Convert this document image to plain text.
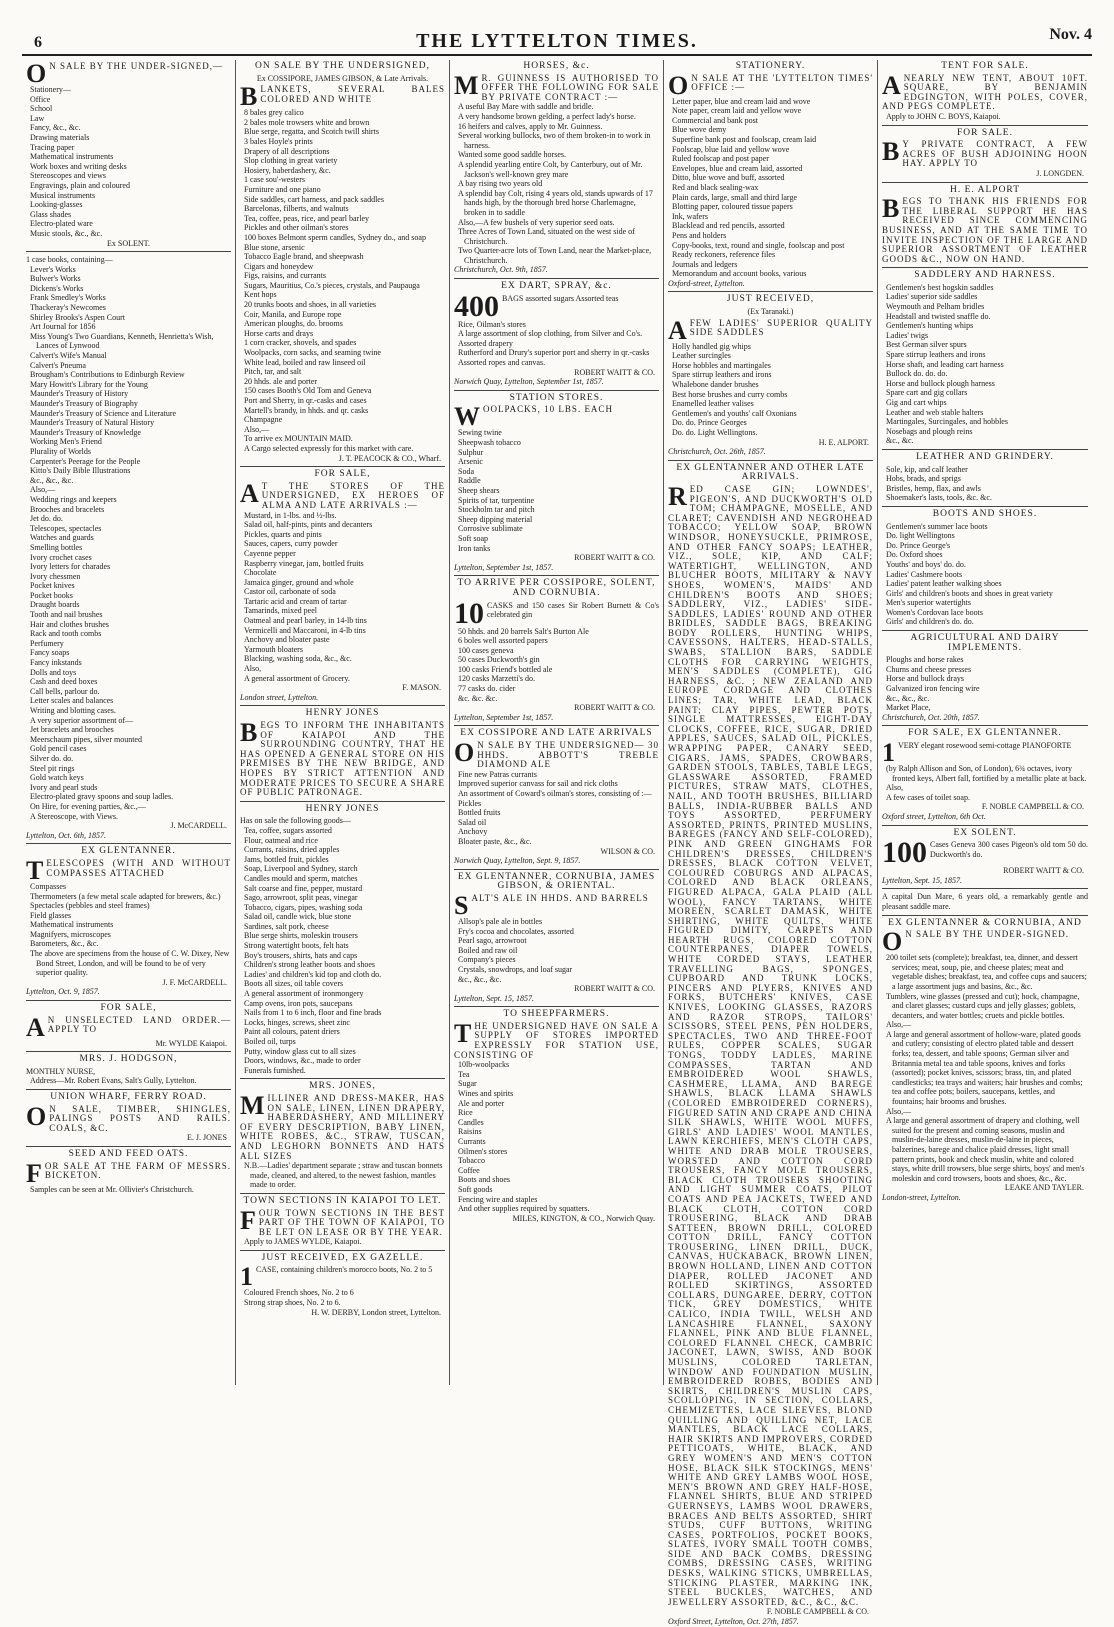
6	THE LYTTELTON TIMES.	Nov. 4
O N SALE BY THE UNDER-SIGNED,—
Stationery—
Office
School
Law
Fancy, &c., &c.
Drawing materials
Tracing paper
Mathematical instruments
Work boxes and writing desks
Stereoscopes and views
Engravings, plain and coloured
Musical instruments
Looking-glasses
Glass shades
Electro-plated ware
Music stools, &c., &c.
Ex SOLENT.
1 case books, containing—
Lever's Works
Bulwer's Works
Dickens's Works
Frank Smedley's Works
Thackeray's Newcomes
Shirley Brooks's Aspen Court
Art Journal for 1856
Miss Young's Two Guardians, Kenneth, Henrietta's Wish, Lances of Lynwood
Calvert's Wife's Manual
Calvert's Pneuma
Brougham's Contributions to Edinburgh Review
Mary Howitt's Library for the Young
Maunder's Treasury of History
Maunder's Treasury of Biography
Maunder's Treasury of Science and Literature
Maunder's Treasury of Natural History
Maunder's Treasury of Knowledge
Working Men's Friend
Plurality of Worlds
Carpenter's Peerage for the People
Kitto's Daily Bible Illustrations
&c., &c., &c.
Also,—
Wedding rings and keepers
Brooches and bracelets
Jet do. do.
Telescopes, spectacles
Watches and guards
Smelling bottles
Ivory crochet cases
Ivory letters for charades
Ivory chessmen
Pocket knives
Pocket books
Draught boards
Tooth and nail brushes
Hair and clothes brushes
Rack and tooth combs
Perfumery
Fancy soaps
Fancy inkstands
Dolls and toys
Cash and deed boxes
Call bells, parlour do.
Letter scales and balances
Writing and blotting cases.
A very superior assortment of—
Jet bracelets and brooches
Meerschaum pipes, silver mounted
Gold pencil cases
Silver do. do.
Steel pit rings
Gold watch keys
Ivory and pearl studs
Electro-plated gravy spoons and soup ladles.
On Hire, for evening parties, &c.,—
A Stereoscope, with Views.
J. McCARDELL.
Lyttelton, Oct. 6th, 1857.
EX GLENTANNER.
TELESCOPES (WITH AND WITHOUT COMPASSES ATTACHED
Compasses
Thermometers (a few metal scale adapted for brewers, &c.)
Spectacles (pebbles and steel frames)
Field glasses
Mathematical instruments
Magnifyers, microscopes
Barometers, &c., &c.
The above are specimens from the house of C. W. Dixey, New Bond Street, London, and will be found to be of very superior quality.
J. F. McCARDELL.
Lyttelton, Oct. 9, 1857.
FOR SALE,
A N UNSELECTED LAND ORDER.— APPLY TO
Mr. WYLDE Kaiapoi.
MRS. J. HODGSON,
MONTHLY NURSE,
Address—Mr. Robert Evans, Salt's Gully, Lyttelton.
UNION WHARF, FERRY ROAD.
O N SALE, TIMBER, SHINGLES, PALINGS POSTS AND RAILS. COALS, &C.
E. J. JONES
SEED AND FEED OATS.
FOR SALE AT THE FARM OF MESSRS. BICKETON.
Samples can be seen at Mr. Ollivier's Christchurch.
ON SALE BY THE UNDERSIGNED,
Ex COSSIPORE, JAMES GIBSON, & Late Arrivals.
BLANKETS, SEVERAL BALES COLORED AND WHITE
8 bales grey calico
2 bales mole trowsers white and brown
Blue serge, regatta, and Scotch twill shirts
3 bales Hoyle's prints
Drapery of all descriptions
Slop clothing in great variety
Hosiery, haberdashery, &c.
1 case sou'-westers
Furniture and one piano
Side saddles, cart harness, and pack saddles
Barcelonas, filberts, and walnuts
Tea, coffee, peas, rice, and pearl barley
Pickles and other oilman's stores
100 boxes Belmont sperm candles, Sydney do., and soap
Blue stone, arsenic
Tobacco Eagle brand, and sheepwash
Cigars and honeydew
Figs, raisins, and currants
Sugars, Mauritius, Co.'s pieces, crystals, and Paupauga
Kent hops
20 trunks boots and shoes, in all varieties
Coir, Manila, and Europe rope
American ploughs, do. brooms
Horse carts and drays
1 corn cracker, shovels, and spades
Woolpacks, corn sacks, and seaming twine
White lead, boiled and raw linseed oil
Pitch, tar, and salt
20 hhds. ale and porter
150 cases Booth's Old Tom and Geneva
Port and Sherry, in qr.-casks and cases
Martell's brandy, in hhds. and qr. casks
Champagne
Also,—
To arrive ex MOUNTAIN MAID.
A Cargo selected expressly for this market with care.
J. T. PEACOCK & CO., Wharf.
FOR SALE,
A T THE STORES OF THE UNDERSIGNED, EX HEROES OF ALMA AND LATE ARRIVALS :—
Mustard, in 1-lbs. and ½-lbs.
Salad oil, half-pints, pints and decanters
Pickles, quarts and pints
Sauces, capers, curry powder
Cayenne pepper
Raspberry vinegar, jam, bottled fruits
Chocolate
Jamaica ginger, ground and whole
Castor oil, carbonate of soda
Tartaric acid and cream of tartar
Tamarinds, mixed peel
Oatmeal and pearl barley, in 14-lb tins
Vermicelli and Maccaroni, in 4-lb tins
Anchovy and bloater paste
Yarmouth bloaters
Blacking, washing soda, &c., &c.
Also,
A general assortment of Grocery.
F. MASON.
London street, Lyttelton.
HENRY JONES
BEGS TO INFORM THE INHABITANTS OF KAIAPOI AND THE SURROUNDING COUNTRY, THAT HE HAS OPENED A GENERAL STORE ON HIS PREMISES BY THE NEW BRIDGE, AND HOPES BY STRICT ATTENTION AND MODERATE PRICES TO SECURE A SHARE OF PUBLIC PATRONAGE.
HENRY JONES
Has on sale the following goods—
Tea, coffee, sugars assorted
Flour, oatmeal and rice
Currants, raisins, dried apples
Jams, bottled fruit, pickles
Soap, Liverpool and Sydney, starch
Candles mould and sperm, matches
Salt coarse and fine, pepper, mustard
Sago, arrowroot, split peas, vinegar
Tobacco, cigars, pipes, washing soda
Salad oil, candle wick, blue stone
Sardines, salt pork, cheese
Blue serge shirts, moleskin trousers
Strong watertight boots, felt hats
Boy's trousers, shirts, hats and caps
Children's strong leather boots and shoes
Ladies' and children's kid top and cloth do.
Boots all sizes, oil table covers
A general assortment of ironmongery
Camp ovens, iron pots, saucepans
Nails from 1 to 6 inch, floor and fine brads
Locks, hinges, screws, sheet zinc
Paint all colours, patent driers
Boiled oil, turps
Putty, window glass cut to all sizes
Doors, windows, &c., made to order
Funerals furnished.
MRS. JONES,
MILLINER AND DRESS-MAKER, HAS ON SALE, LINEN, LINEN DRAPERY, HABERDASHERY, AND MILLINERY OF EVERY DESCRIPTION, BABY LINEN, WHITE ROBES, &C., STRAW, TUSCAN, AND LEGHORN BONNETS AND HATS ALL SIZES
N.B.—Ladies' department separate ; straw and tuscan bonnets made, cleaned, and altered, to the newest fashion, mantles made to order.
TOWN SECTIONS IN KAIAPOI TO LET.
FOUR TOWN SECTIONS IN THE BEST PART OF THE TOWN OF KAIAPOI, TO BE LET ON LEASE OR BY THE YEAR.
Apply to JAMES WYLDE, Kaiapoi.
JUST RECEIVED, EX GAZELLE.
1 CASE, containing children's morocco boots, No. 2 to 5
Coloured French shoes, No. 2 to 6
Strong strap shoes, No. 2 to 6.
H. W. DERBY, London street, Lyttelton.
HORSES, &c.
M R. GUINNESS IS AUTHORISED TO OFFER THE FOLLOWING FOR SALE BY PRIVATE CONTRACT :—
A useful Bay Mare with saddle and bridle.
A very handsome brown gelding, a perfect lady's horse.
16 heifers and calves, apply to Mr. Guinness.
Several working bullocks, two of them broken-in to work in harness.
Wanted some good saddle horses.
A splendid yearling entire Colt, by Canterbury, out of Mr. Jackson's well-known grey mare
A bay rising two years old
A splendid bay Colt, rising 4 years old, stands upwards of 17 hands high, by the thorough bred horse Charlemagne, broken in to saddle
Also,—A few bushels of very superior seed oats.
Three Acres of Town Land, situated on the west side of Christchurch.
Two Quarter-acre lots of Town Land, near the Market-place, Christchurch.
Christchurch, Oct. 9th, 1857.
EX DART, SPRAY, &c.
400 BAGS assorted sugars Assorted teas
Rice, Oilman's stores
A large assortment of slop clothing, from Silver and Co's.
Assorted drapery
Rutherford and Drury's superior port and sherry in qr.-casks
Assorted ropes and canvas.
ROBERT WAITT & CO.
Norwich Quay, Lyttelton, September 1st, 1857.
STATION STORES.
WOOLPACKS, 10 LBS. EACH
Sewing twine
Sheepwash tobacco
Sulphur
Arsenic
Soda
Raddle
Sheep shears
Spirits of tar, turpentine
Stockholm tar and pitch
Sheep dipping material
Corrosive sublimate
Soft soap
Iron tanks
ROBERT WAITT & CO.
Lyttelton, September 1st, 1857.
TO ARRIVE PER COSSIPORE, SOLENT, AND CORNUBIA.
10 CASKS and 150 cases Sir Robert Burnett & Co's celebrated gin
50 hhds. and 20 barrels Salt's Burton Ale
6 boles well assorted papers
100 cases geneva
50 cases Duckworth's gin
100 casks Friend's bottled ale
120 casks Marzetti's do.
77 casks do. cider
&c. &c. &c.
ROBERT WAITT & CO.
Lyttelton, September 1st, 1857.
EX COSSIPORE AND LATE ARRIVALS
O N SALE BY THE UNDERSIGNED— 30 HHDS. ABBOTT'S TREBLE DIAMOND ALE
Fine new Patras currants
Improved superior canvass for sail and rick cloths
An assortment of Coward's oilman's stores, consisting of :—
Pickles
Bottled fruits
Salad oil
Anchovy
Bloater paste, &c., &c.
WILSON & CO.
Norwich Quay, Lyttelton, Sept. 9, 1857.
EX GLENTANNER, CORNUBIA, JAMES GIBSON, & ORIENTAL.
SALT'S ALE IN HHDS. AND BARRELS
Allsop's pale ale in bottles
Fry's cocoa and chocolates, assorted
Pearl sago, arrowroot
Boiled and raw oil
Company's pieces
Crystals, snowdrops, and loaf sugar
&c., &c., &c.
ROBERT WAITT & CO.
Lyttelton, Sept. 15, 1857.
TO SHEEPFARMERS.
THE UNDERSIGNED HAVE ON SALE A SUPPLY OF STORES IMPORTED EXPRESSLY FOR STATION USE, CONSISTING OF
10lb-woolpacks
Tea
Sugar
Wines and spirits
Ale and porter
Rice
Candles
Raisins
Currants
Oilmen's stores
Tobacco
Coffee
Boots and shoes
Soft goods
Fencing wire and staples
And other supplies required by squatters.
MILES, KINGTON, & CO., Norwich Quay.
STATIONERY.
O N SALE AT THE 'LYTTELTON TIMES' OFFICE :—
Letter paper, blue and cream laid and wove
Note paper, cream laid and yellow wove
Commercial and bank post
Blue wove demy
Superfine bank post and foolscap, cream laid
Foolscap, blue laid and yellow wove
Ruled foolscap and post paper
Envelopes, blue and cream laid, assorted
Ditto, blue wove and buff, assorted
Red and black sealing-wax
Plain cards, large, small and third large
Blotting paper, coloured tissue papers
Ink, wafers
Blacklead and red pencils, assorted
Pens and holders
Copy-books, text, round and single, foolscap and post
Ready reckoners, reference files
Journals and ledgers
Memorandum and account books, various
Oxford-street, Lyttelton.
JUST RECEIVED,
(Ex Taranaki.)
AFEW LADIES' SUPERIOR QUALITY SIDE SADDLES
Holly handled gig whips
Leather surcingles
Horse hobbles and martingales
Spare stirrup leathers and irons
Whalebone dander brushes
Best horse brushes and curry combs
Enamelled leather valises
Gentlemen's and youths' calf Oxonians
Do. do. Prince Georges
Do. do. Light Wellingtons.
H. E. ALPORT.
Christchurch, Oct. 26th, 1857.
EX GLENTANNER AND OTHER LATE ARRIVALS.
RED CASE GIN; LOWNDES', PIGEON'S, AND DUCKWORTH'S OLD TOM; CHAMPAGNE, MOSELLE, AND CLARET; CAVENDISH AND NEGROHEAD TOBACCO; YELLOW SOAP, BROWN WINDSOR, HONEYSUCKLE, PRIMROSE, AND OTHER FANCY SOAPS; LEATHER, VIZ., SOLE, KIP, AND CALF; WATERTIGHT, WELLINGTON, AND BLUCHER BOOTS, MILITARY & NAVY SHOES, WOMEN'S, MAIDS' AND CHILDREN'S BOOTS AND SHOES; SADDLERY, VIZ., LADIES' SIDE-SADDLES, LADIES' ROUND AND OTHER BRIDLES, SADDLE BAGS, BREAKING BODY ROLLERS, HUNTING WHIPS, CAVESSONS, HALTERS, HEAD-STALLS, SWABS, STALLION BARS, SADDLE CLOTHS FOR CARRYING WEIGHTS, MEN'S SADDLES (COMPLETE), GIG HARNESS, &C. ; NEW ZEALAND AND EUROPE CORDAGE AND CLOTHES LINES; TAR, WHITE LEAD, BLACK PAINT; CLAY PIPES, PEWTER POTS, SINGLE MATTRESSES, EIGHT-DAY CLOCKS, COFFEE, RICE, SUGAR, DRIED APPLES, SAUCES, SALAD OIL, PICKLES, WRAPPING PAPER, CANARY SEED, CIGARS, JAMS, SPADES, CROWBARS, GARDEN STOOLS, TABLES, TABLE LEGS, GLASSWARE ASSORTED, FRAMED PICTURES, STRAW MATS, CLOTHES, NAIL, AND TOOTH BRUSHES, BILLIARD BALLS, INDIA-RUBBER BALLS AND TOYS ASSORTED, PERFUMERY ASSORTED, PRINTS, PRINTED MUSLINS, BAREGES (FANCY AND SELF-COLORED), PINK AND GREEN GINGHAMS FOR CHILDREN'S DRESSES, CHILDREN'S DRESSES, BLACK COTTON VELVET, COLOURED COBURGS AND ALPACAS, COLORED AND BLACK ORLEANS, FIGURED ALPACA, GALA PLAID (ALL WOOL), FANCY TARTANS, WHITE MOREEN, SCARLET DAMASK, WHITE SHIRTING, WHITE QUILTS, WHITE FIGURED DIMITY, CARPETS AND HEARTH RUGS, COLORED COTTON COUNTERPANES, DIAPER TOWELS, WHITE CORDED STAYS, LEATHER TRAVELLING BAGS, SPONGES, CUPBOARD AND TRUNK LOCKS, PINCERS AND PLYERS, KNIVES AND FORKS, BUTCHERS' KNIVES, CASE KNIVES, LOOKING GLASSES, RAZORS AND RAZOR STROPS, TAILORS' SCISSORS, STEEL PENS, PEN HOLDERS, SPECTACLES, TWO AND THREE-FOOT RULES, COPPER SCALES, SUGAR TONGS, TODDY LADLES, MARINE COMPASSES, TARTAN AND EMBROIDERED WOOL SHAWLS, CASHMERE, LLAMA, AND BAREGE SHAWLS, BLACK LLAMA SHAWLS (COLORED EMBROIDERED CORNERS), FIGURED SATIN AND CRAPE AND CHINA SILK SHAWLS, WHITE WOOL MUFFS, GIRLS' AND LADIES' WOOL MANTLES, LAWN KERCHIEFS, MEN'S CLOTH CAPS, WHITE AND DRAB MOLE TROUSERS, WORSTED AND COTTON CORD TROUSERS, FANCY MOLE TROUSERS, BLACK CLOTH TROUSERS SHOOTING AND LIGHT SUMMER COATS, PILOT COATS AND PEA JACKETS, TWEED AND BLACK CLOTH, COTTON CORD TROUSERING, BLACK AND DRAB SATTEEN, BROWN DRILL, COLORED COTTON DRILL, FANCY COTTON TROUSERING, LINEN DRILL, DUCK, CANVAS, HUCKABACK, BROWN LINEN, BROWN HOLLAND, LINEN AND COTTON DIAPER, ROLLED JACONET AND ROLLED SKIRTINGS, ASSORTED COLLARS, DUNGAREE, DERRY, COTTON TICK, GREY DOMESTICS, WHITE CALICO, INDIA TWILL, WELSH AND LANCASHIRE FLANNEL, SAXONY FLANNEL, PINK AND BLUE FLANNEL, COLORED FLANNEL CHECK, CAMBRIC JACONET, LAWN, SWISS, AND BOOK MUSLINS, COLORED TARLETAN, WINDOW AND FOUNDATION MUSLIN, EMBROIDERED ROBES, BODIES AND SKIRTS, CHILDREN'S MUSLIN CAPS, SCOLLOPING, IN SECTION, COLLARS, CHEMIZETTES, LACE SLEEVES, BLOND QUILLING AND QUILLING NET, LACE MANTLES, BLACK LACE COLLARS, HAIR SKIRTS AND IMPROVERS, CORDED PETTICOATS, WHITE, BLACK, AND GREY WOMEN'S AND MEN'S COTTON HOSE, BLACK SILK STOCKINGS, MENS' WHITE AND GREY LAMBS WOOL HOSE, MEN'S BROWN AND GREY HALF-HOSE, FLANNEL SHIRTS, BLUE AND STRIPED GUERNSEYS, LAMBS WOOL DRAWERS, BRACES AND BELTS ASSORTED, SHIRT STUDS, CUFF BUTTONS, WRITING CASES, PORTFOLIOS, POCKET BOOKS, SLATES, IVORY SMALL TOOTH COMBS, SIDE AND BACK COMBS, DRESSING COMBS, DRESSING CASES, WRITING DESKS, WALKING STICKS, UMBRELLAS, STICKING PLASTER, MARKING INK, STEEL BUCKLES, WATCHES, AND JEWELLERY ASSORTED, &C., &C., &C.
F. NOBLE CAMPBELL & CO.
Oxford Street, Lyttelton, Oct. 27th, 1857.
TENT FOR SALE.
ANEARLY NEW TENT, ABOUT 10FT. SQUARE, BY BENJAMIN EDGINGTON, WITH POLES, COVER, AND PEGS COMPLETE.
Apply to JOHN C. BOYS, Kaiapoi.
FOR SALE.
B Y PRIVATE CONTRACT, A FEW ACRES OF BUSH ADJOINING HOON HAY. APPLY TO
J. LONGDEN.
H. E. ALPORT
BEGS TO THANK HIS FRIENDS FOR THE LIBERAL SUPPORT HE HAS RECEIVED SINCE COMMENCING BUSINESS, AND AT THE SAME TIME TO INVITE INSPECTION OF THE LARGE AND SUPERIOR ASSORTMENT OF LEATHER GOODS &C., NOW ON HAND.
SADDLERY AND HARNESS.
Gentlemen's best hogskin saddles
Ladies' superior side saddles
Weymouth and Pelham bridles
Headstall and twisted snaffle do.
Gentlemen's hunting whips
Ladies' twigs
Best German silver spurs
Spare stirrup leathers and irons
Horse shaft, and leading cart harness
Bullock do. do. do.
Horse and bullock plough harness
Spare cart and gig collars
Gig and cart whips
Leather and web stable halters
Martingales, Surcingales, and hobbles
Nosebags and plough reins
&c., &c.
LEATHER AND GRINDERY.
Sole, kip, and calf leather
Hobs, brads, and sprigs
Bristles, hemp, flax, and awls
Shoemaker's lasts, tools, &c. &c.
BOOTS AND SHOES.
Gentlemen's summer lace boots
Do. light Wellingtons
Do. Prince George's
Do. Oxford shoes
Youths' and boys' do. do.
Ladies' Cashmere boots
Ladies' patent leather walking shoes
Girls' and children's boots and shoes in great variety
Men's superior watertights
Women's Cordovan lace boots
Girls' and children's do. do.
AGRICULTURAL AND DAIRY IMPLEMENTS.
Ploughs and horse rakes
Churns and cheese presses
Horse and bullock drays
Galvanized iron fencing wire
&c., &c., &c.
Market Place,
Christchurch, Oct. 20th, 1857.
FOR SALE, EX GLENTANNER.
1 VERY elegant rosewood semi-cottage PIANOFORTE
(by Ralph Allison and Son, of London), 6¾ octaves, ivory fronted keys, Albert fall, fortified by a metallic plate at back.
Also,
A few cases of toilet soap.
F. NOBLE CAMPBELL & CO.
Oxford street, Lyttelton, 6th Oct.
EX SOLENT.
100 Cases Geneva 300 cases Pigeon's old tom 50 do. Duckworth's do.
ROBERT WAITT & CO.
Lyttelton, Sept. 15, 1857.
A capital Dun Mare, 6 years old, a remarkably gentle and pleasant saddle mare.
EX GLENTANNER & CORNUBIA, AND
O N SALE BY THE UNDER-SIGNED.
200 toilet sets (complete); breakfast, tea, dinner, and dessert services; meat, soup, pie, and cheese plates; meat and vegetable dishes; breakfast, tea, and coffee cups and saucers; a large assortment jugs and basins, &c., &c.
Tumblers, wine glasses (pressed and cut); hock, champagne, and claret glasses; custard cups and jelly glasses; goblets, decanters, and water bottles; cruets and pickle bottles.
Also,—
A large and general assortment of hollow-ware, plated goods and cutlery; consisting of electro plated table and dessert forks; tea, dessert, and table spoons; German silver and Britannia metal tea and table spoons, knives and forks (assorted); pocket knives, scissors; brass, tin, and plated candlesticks; tea trays and waiters; hair brushes and combs; tea and coffee pots; boilers, saucepans, kettles, and fountains; hair brooms and brushes.
Also,—
A large and general assortment of drapery and clothing, well suited for the present and coming seasons, muslin and muslin-de-laine dresses, muslin-de-laine in pieces, balzerines, barege and chalice plaid dresses, light small pattern prints, book and check muslin, white and colored stays, white drill trowsers, blue serge shirts, boys' and men's moleskin and cord trowsers, boots and shoes, &c., &c.
LEAKE AND TAYLER.
London-street, Lyttelton.
